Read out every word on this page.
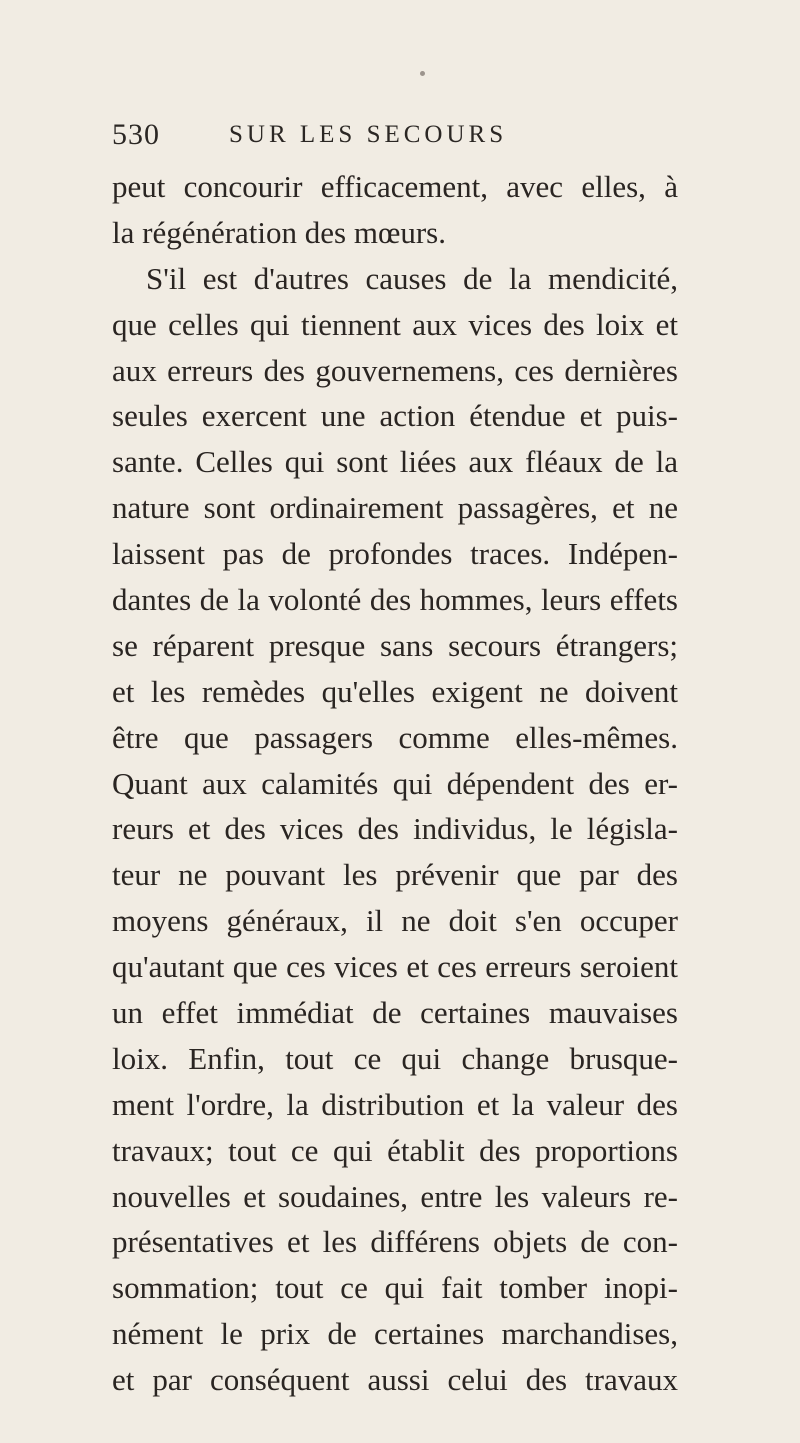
530	SUR LES SECOURS
peut concourir efficacement, avec elles, à
la régénération des mœurs.
S'il est d'autres causes de la mendicité,
que celles qui tiennent aux vices des loix et
aux erreurs des gouvernemens, ces dernières
seules exercent une action étendue et puis-
sante. Celles qui sont liées aux fléaux de la
nature sont ordinairement passagères, et ne
laissent pas de profondes traces. Indépen-
dantes de la volonté des hommes, leurs effets
se réparent presque sans secours étrangers;
et les remèdes qu'elles exigent ne doivent
être que passagers comme elles-mêmes.
Quant aux calamités qui dépendent des er-
reurs et des vices des individus, le législa-
teur ne pouvant les prévenir que par des
moyens généraux, il ne doit s'en occuper
qu'autant que ces vices et ces erreurs seroient
un effet immédiat de certaines mauvaises
loix. Enfin, tout ce qui change brusque-
ment l'ordre, la distribution et la valeur des
travaux; tout ce qui établit des proportions
nouvelles et soudaines, entre les valeurs re-
présentatives et les différens objets de con-
sommation; tout ce qui fait tomber inopi-
nément le prix de certaines marchandises,
et par conséquent aussi celui des travaux
